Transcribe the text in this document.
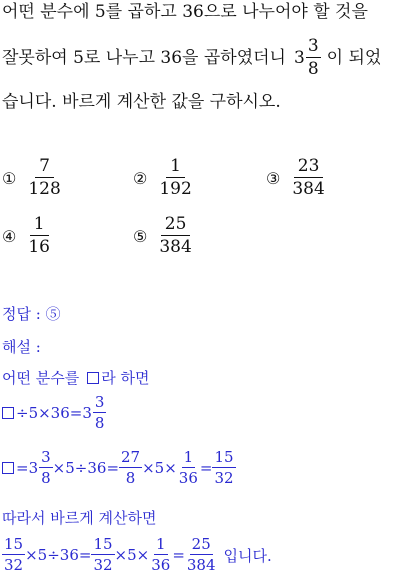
어떤 분수에 5를 곱하고 36으로 나누어야 할 것을
잘못하여 5로 나누고 36을 곱하였더니 $3 \frac{3}{8}$ 이 되었
습니다. 바르게 계산한 값을 구하시오.
① $\frac{7}{128}$	② $\frac{1}{192}$	③ $\frac{23}{384}$
④ $\frac{1}{16}$	⑤ $\frac{25}{384}$
정답 : ⑤
해설 :
어떤 분수를 라 하면
$\div 5\times 36= 3 \frac{3}{8}$
= $3 \frac{3}{8} \times 5\div 36= \frac{27}{8} \times 5\times \frac{1}{36} = \frac{15}{32}$
따라서 바르게 계산하면
$\frac{15}{32} \times 5\div 36= \frac{15}{32} \times 5\times \frac{1}{36} = \frac{25}{384}$ 입니다.
